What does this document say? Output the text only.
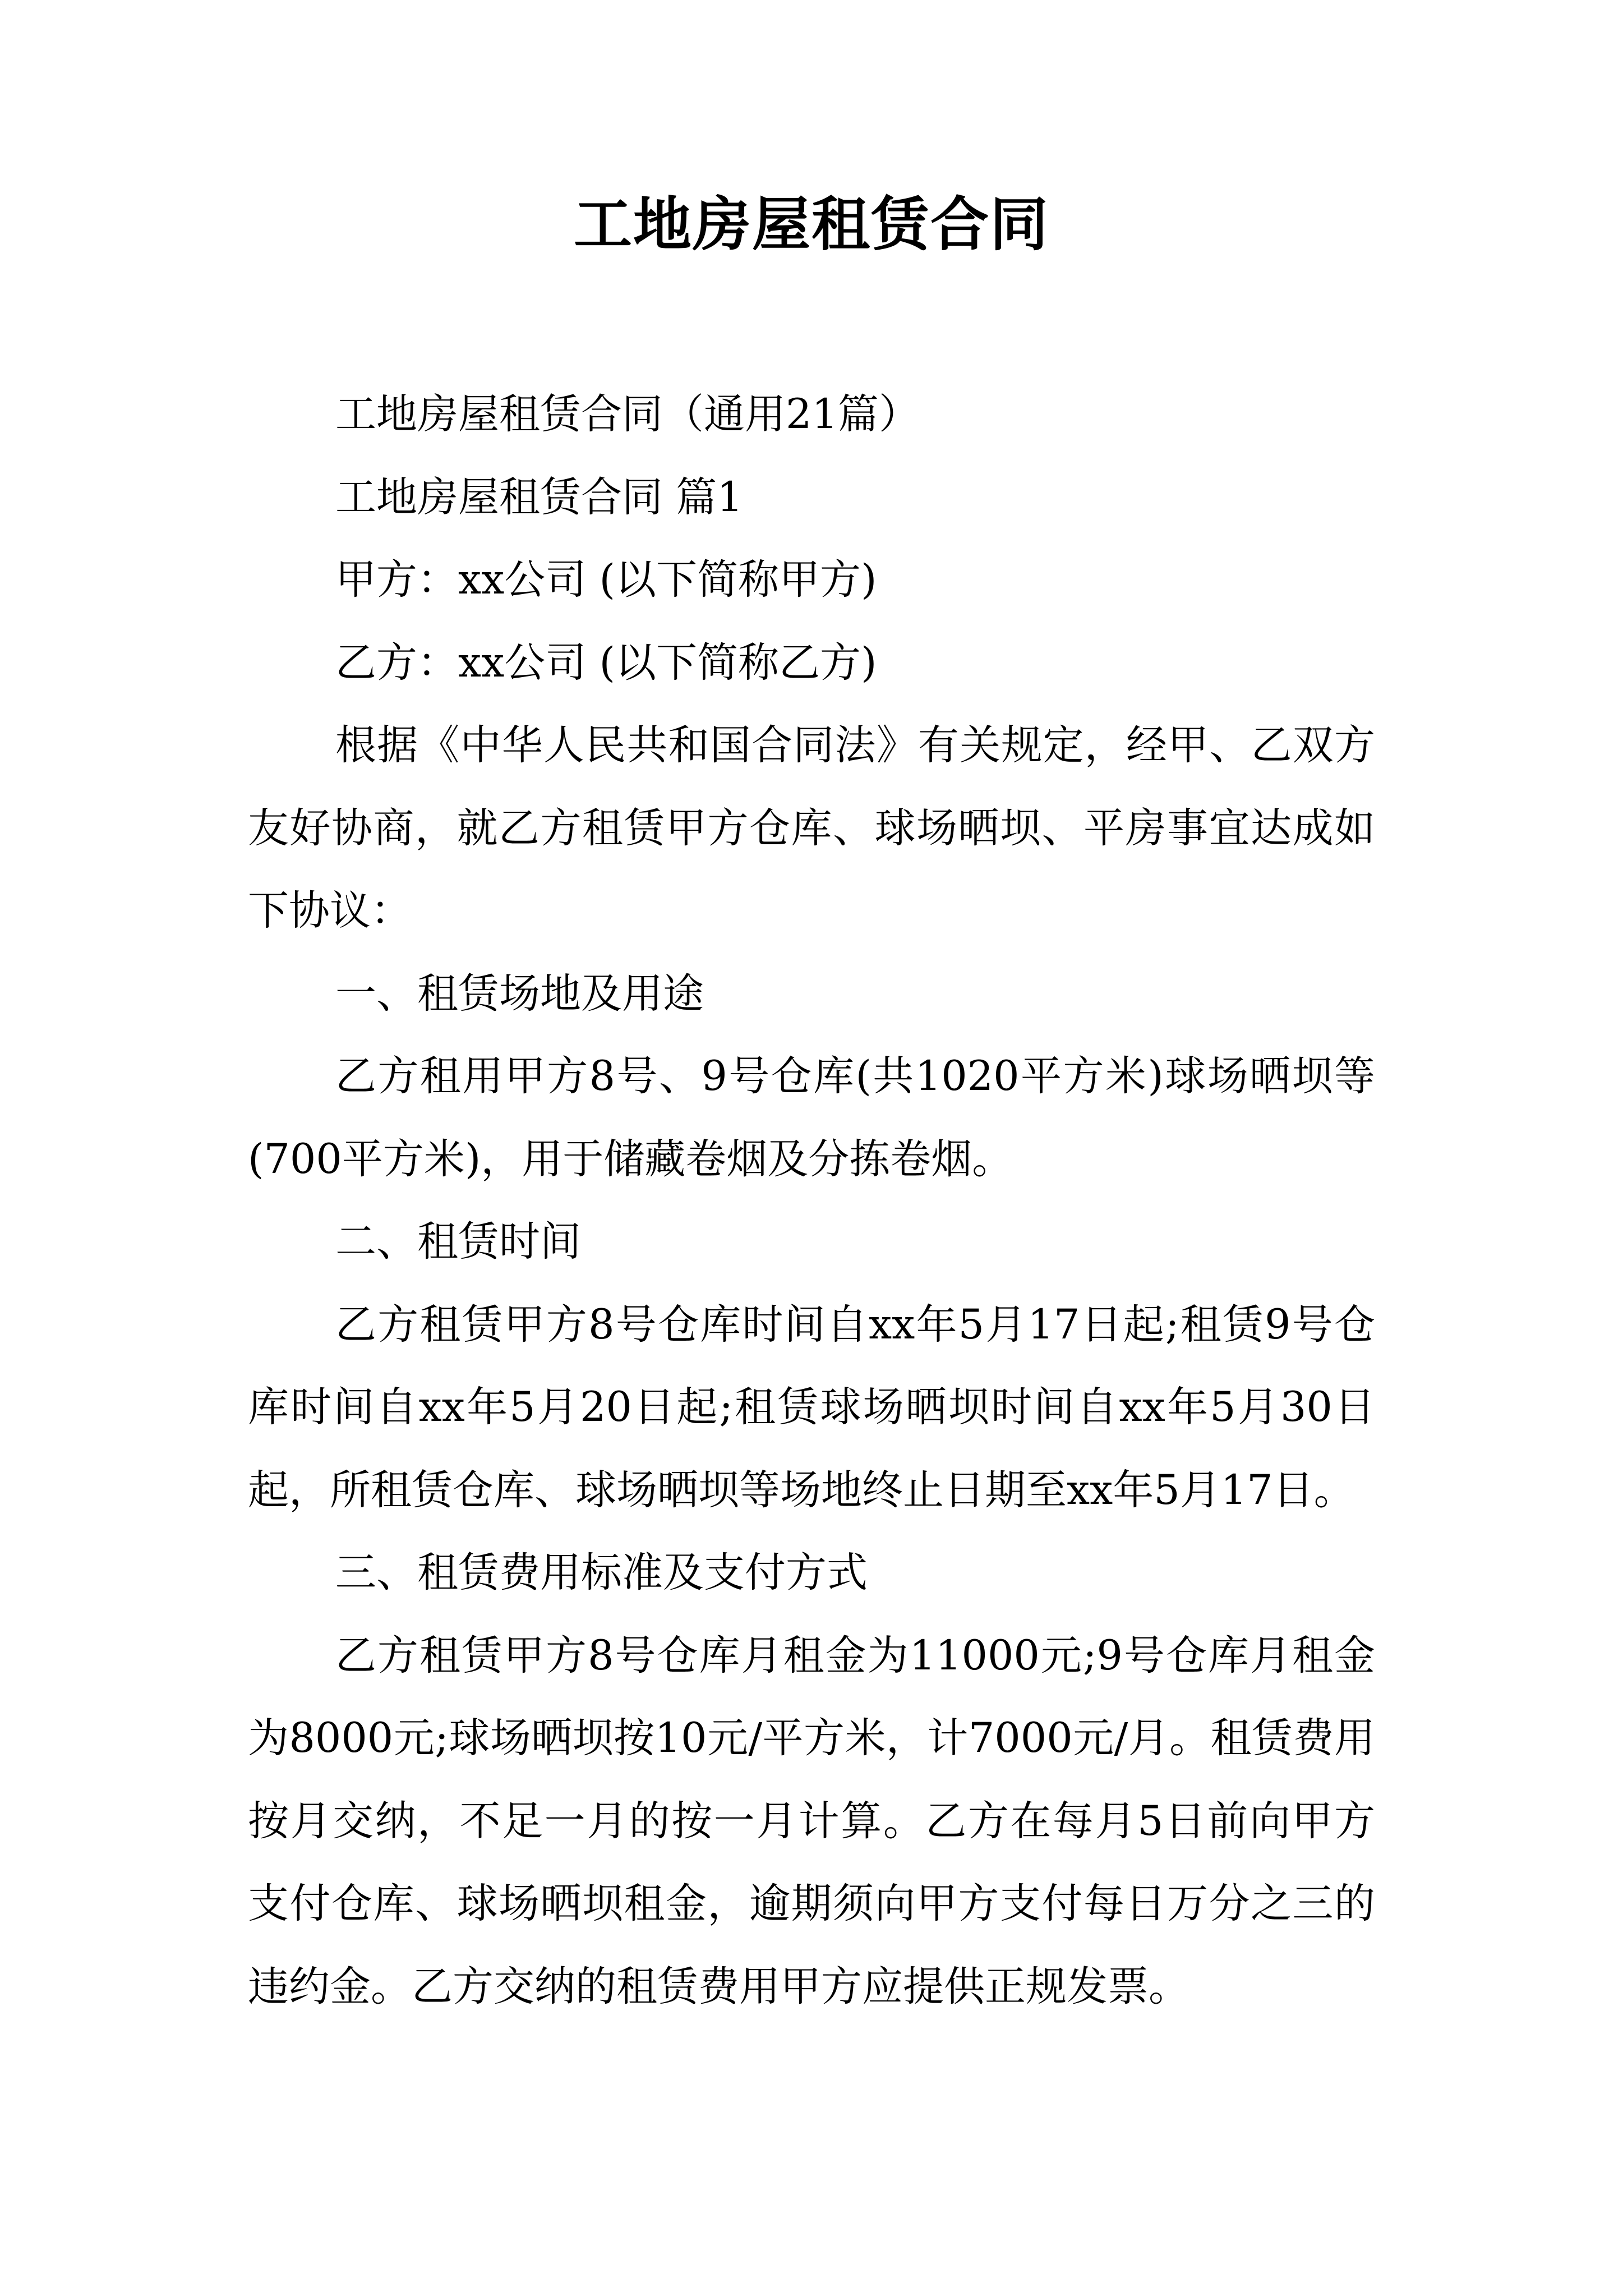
工地房屋租赁合同

工地房屋租赁合同（通用21篇）

工地房屋租赁合同 篇1

甲方：xx公司 (以下简称甲方)

乙方：xx公司 (以下简称乙方)

根据《中华人民共和国合同法》有关规定，经甲、乙双方友好协商，就乙方租赁甲方仓库、球场晒坝、平房事宜达成如下协议：

一、租赁场地及用途

乙方租用甲方8号、9号仓库(共1020平方米)球场晒坝等(700平方米)，用于储藏卷烟及分拣卷烟。

二、租赁时间

乙方租赁甲方8号仓库时间自xx年5月17日起;租赁9号仓库时间自xx年5月20日起;租赁球场晒坝时间自xx年5月30日起，所租赁仓库、球场晒坝等场地终止日期至xx年5月17日。

三、租赁费用标准及支付方式

乙方租赁甲方8号仓库月租金为11000元;9号仓库月租金为8000元;球场晒坝按10元/平方米，计7000元/月。租赁费用按月交纳，不足一月的按一月计算。乙方在每月5日前向甲方支付仓库、球场晒坝租金，逾期须向甲方支付每日万分之三的违约金。乙方交纳的租赁费用甲方应提供正规发票。
